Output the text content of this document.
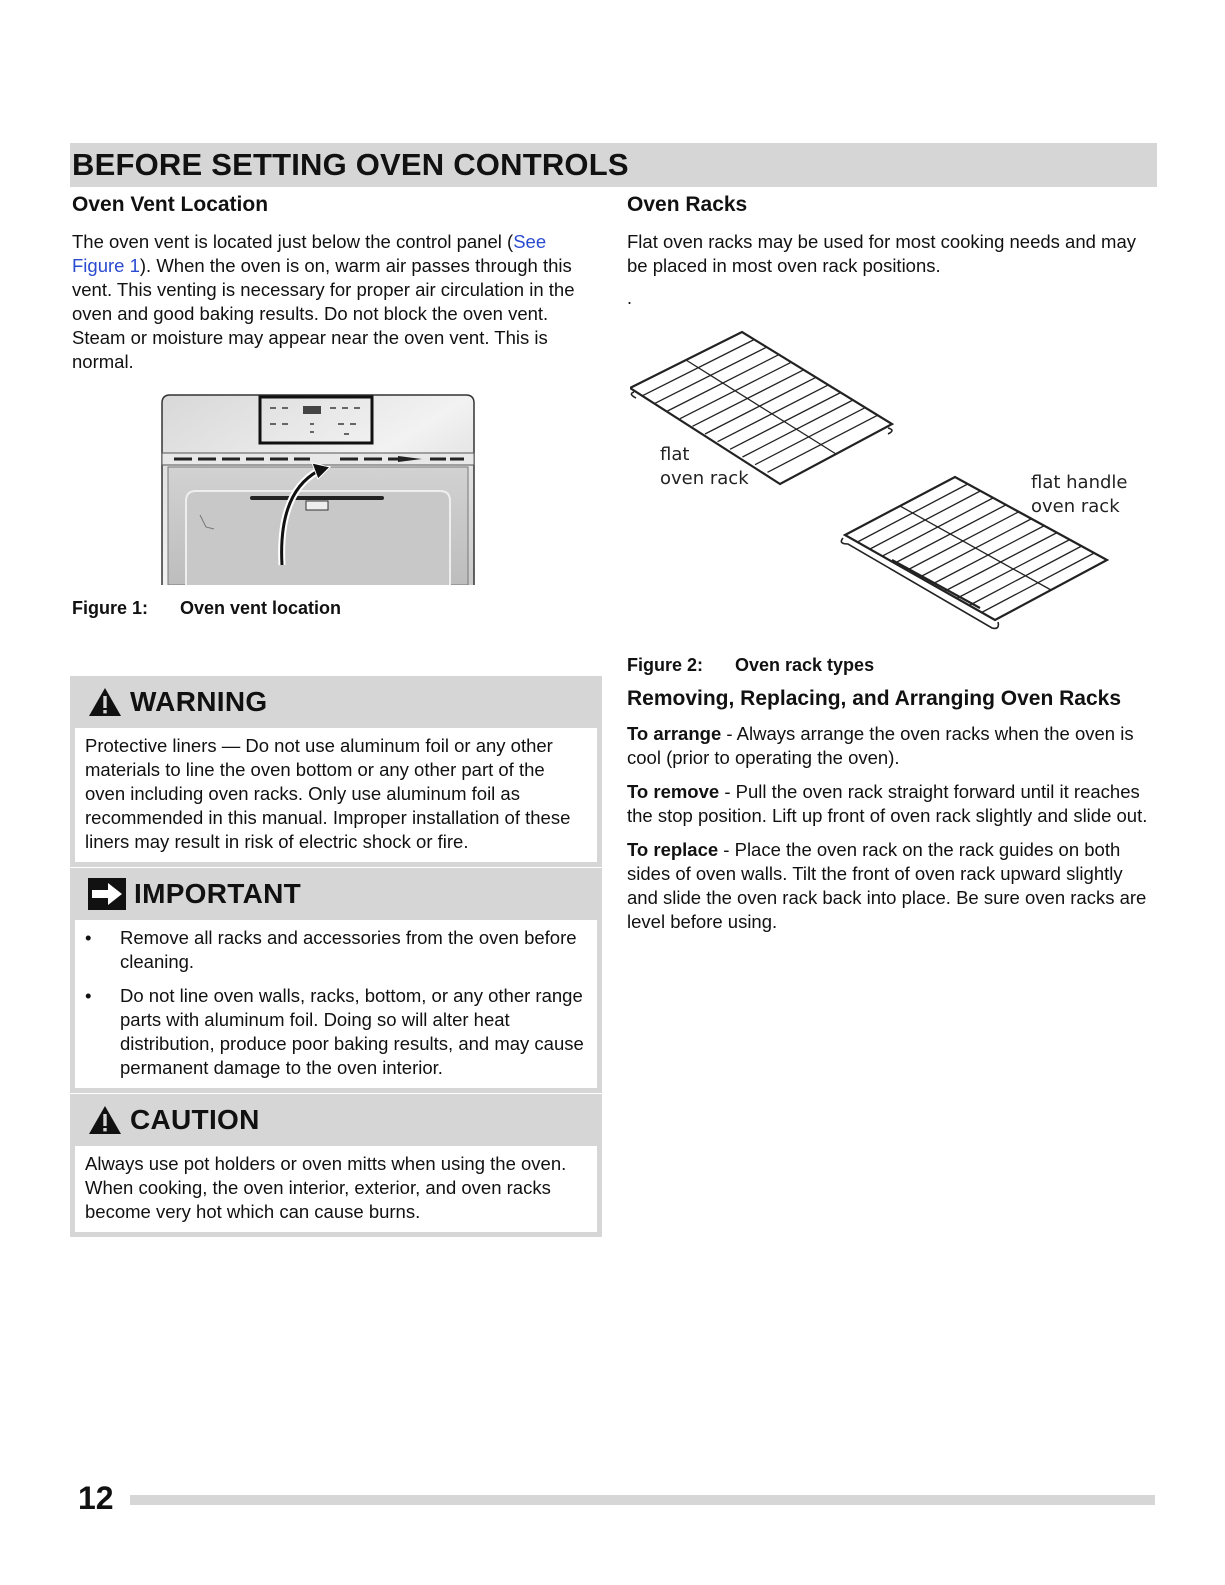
BEFORE SETTING OVEN CONTROLS
Oven Vent Location

The oven vent is located just below the control panel (See Figure 1). When the oven is on, warm air passes through this vent. This venting is necessary for proper air circulation in the oven and good baking results. Do not block the oven vent. Steam or moisture may appear near the oven vent. This is normal.

Figure 1: Oven vent location
WARNING
Protective liners — Do not use aluminum foil or any other materials to line the oven bottom or any other part of the oven including oven racks. Only use aluminum foil as recommended in this manual. Improper installation of these liners may result in risk of electric shock or fire.
IMPORTANT
• Remove all racks and accessories from the oven before cleaning.
• Do not line oven walls, racks, bottom, or any other range parts with aluminum foil. Doing so will alter heat distribution, produce poor baking results, and may cause permanent damage to the oven interior.
CAUTION
Always use pot holders or oven mitts when using the oven. When cooking, the oven interior, exterior, and oven racks become very hot which can cause burns.
Oven Racks

Flat oven racks may be used for most cooking needs and may be placed in most oven rack positions.

.
flat
oven rack	flat handle
oven rack
Figure 2: Oven rack types
Removing, Replacing, and Arranging Oven Racks

To arrange - Always arrange the oven racks when the oven is cool (prior to operating the oven).

To remove - Pull the oven rack straight forward until it reaches the stop position. Lift up front of oven rack slightly and slide out.

To replace - Place the oven rack on the rack guides on both sides of oven walls. Tilt the front of oven rack upward slightly and slide the oven rack back into place. Be sure oven racks are level before using.

12
